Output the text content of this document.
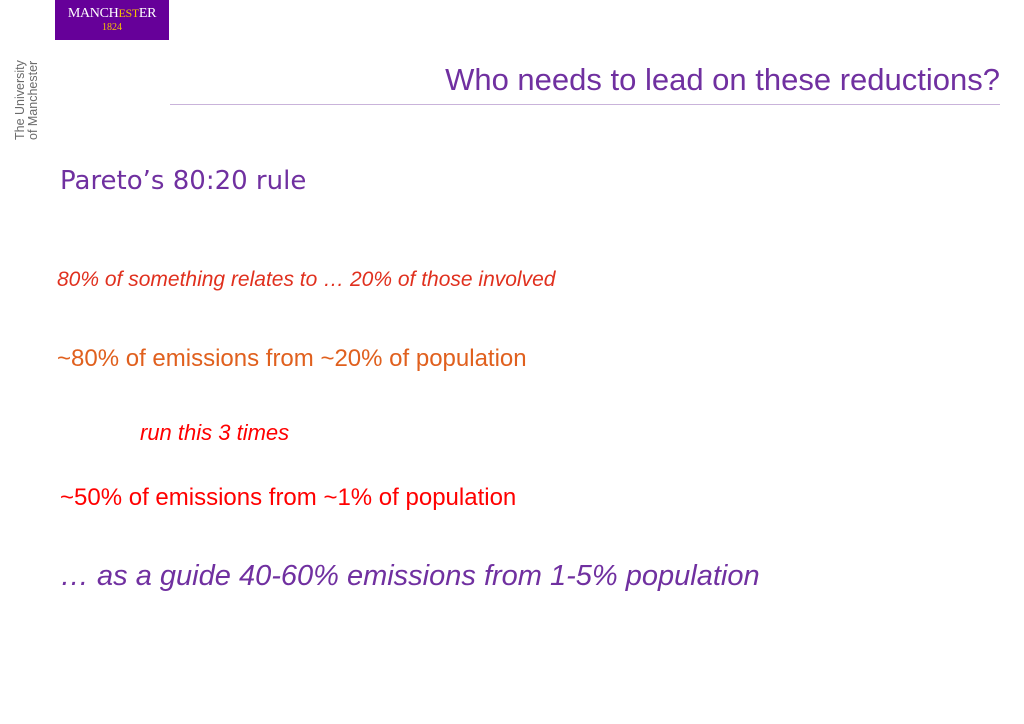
MANCHESTER
1824
The University of Manchester	Who needs to lead on these reductions?
Pareto’s 80:20 rule

80% of something relates to … 20% of those involved

~80% of emissions from ~20% of population

run this 3 times

~50% of emissions from ~1% of population

… as a guide 40-60% emissions from 1-5% population
